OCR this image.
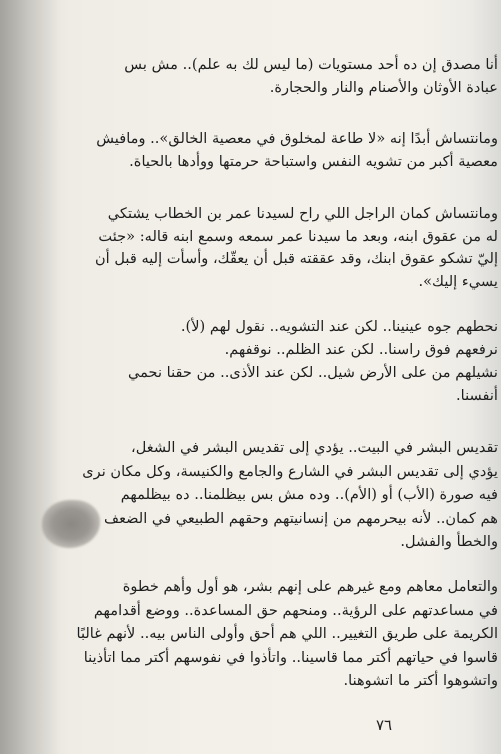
أنا مصدق إن ده أحد مستويات (ما ليس لك به علم).. مش بس
عبادة الأوثان والأصنام والنار والحجارة.
ومانتساش أبدًا إنه «لا طاعة لمخلوق في معصية الخالق».. ومافيش
معصية أكبر من تشويه النفس واستباحة حرمتها ووأدها بالحياة.
ومانتساش كمان الراجل اللي راح لسيدنا عمر بن الخطاب يشتكي
له من عقوق ابنه، وبعد ما سيدنا عمر سمعه وسمع ابنه قاله: «جئت
إليّ تشكو عقوق ابنك، وقد عققته قبل أن يعقّك، وأسأت إليه قبل أن
يسيء إليك».
نحطهم جوه عينينا.. لكن عند التشويه.. نقول لهم (لأ).
نرفعهم فوق راسنا.. لكن عند الظلم.. نوقفهم.
نشيلهم من على الأرض شيل.. لكن عند الأذى.. من حقنا نحمي
أنفسنا.
تقديس البشر في البيت.. يؤدي إلى تقديس البشر في الشغل،
يؤدي إلى تقديس البشر في الشارع والجامع والكنيسة، وكل مكان نرى
فيه صورة (الأب) أو (الأم).. وده مش بس بيظلمنا.. ده بيظلمهم
هم كمان.. لأنه بيحرمهم من إنسانيتهم وحقهم الطبيعي في الضعف
والخطأ والفشل.
والتعامل معاهم ومع غيرهم على إنهم بشر، هو أول وأهم خطوة
في مساعدتهم على الرؤية.. ومنحهم حق المساعدة.. ووضع أقدامهم
الكريمة على طريق التغيير.. اللي هم أحق وأولى الناس بيه.. لأنهم غالبًا
قاسوا في حياتهم أكتر مما قاسينا.. واتأذوا في نفوسهم أكتر مما اتأذينا
واتشوهوا أكتر ما اتشوهنا.
٧٦
